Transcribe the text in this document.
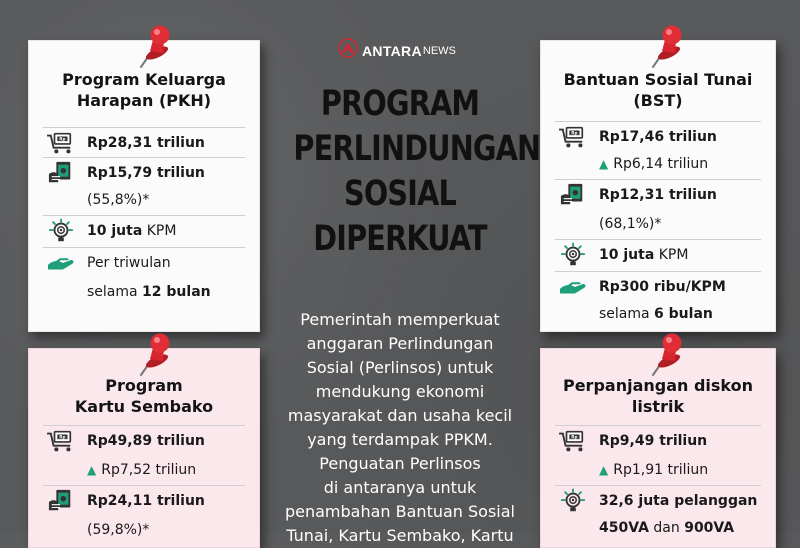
ANTARA NEWS
PROGRAM
PERLINDUNGAN
SOSIAL
DIPERKUAT
Pemerintah memperkuat
anggaran Perlindungan
Sosial (Perlinsos) untuk
mendukung ekonomi
masyarakat dan usaha kecil
yang terdampak PPKM.
Penguatan Perlinsos
di antaranya untuk
penambahan Bantuan Sosial
Tunai, Kartu Sembako, Kartu
Program Keluarga
Harapan (PKH)
Rp28,31 triliun
Rp15,79 triliun
(55,8%)*
10 juta KPM
Per triwulan
selama 12 bulan
Bantuan Sosial Tunai
(BST)
Rp17,46 triliun
▲ Rp6,14 triliun
Rp12,31 triliun
(68,1%)*
10 juta KPM
Rp300 ribu/KPM
selama 6 bulan
Program
Kartu Sembako
Rp49,89 triliun
▲ Rp7,52 triliun
Rp24,11 triliun
(59,8%)*
Perpanjangan diskon
listrik
Rp9,49 triliun
▲ Rp1,91 triliun
32,6 juta pelanggan
450VA dan 900VA
